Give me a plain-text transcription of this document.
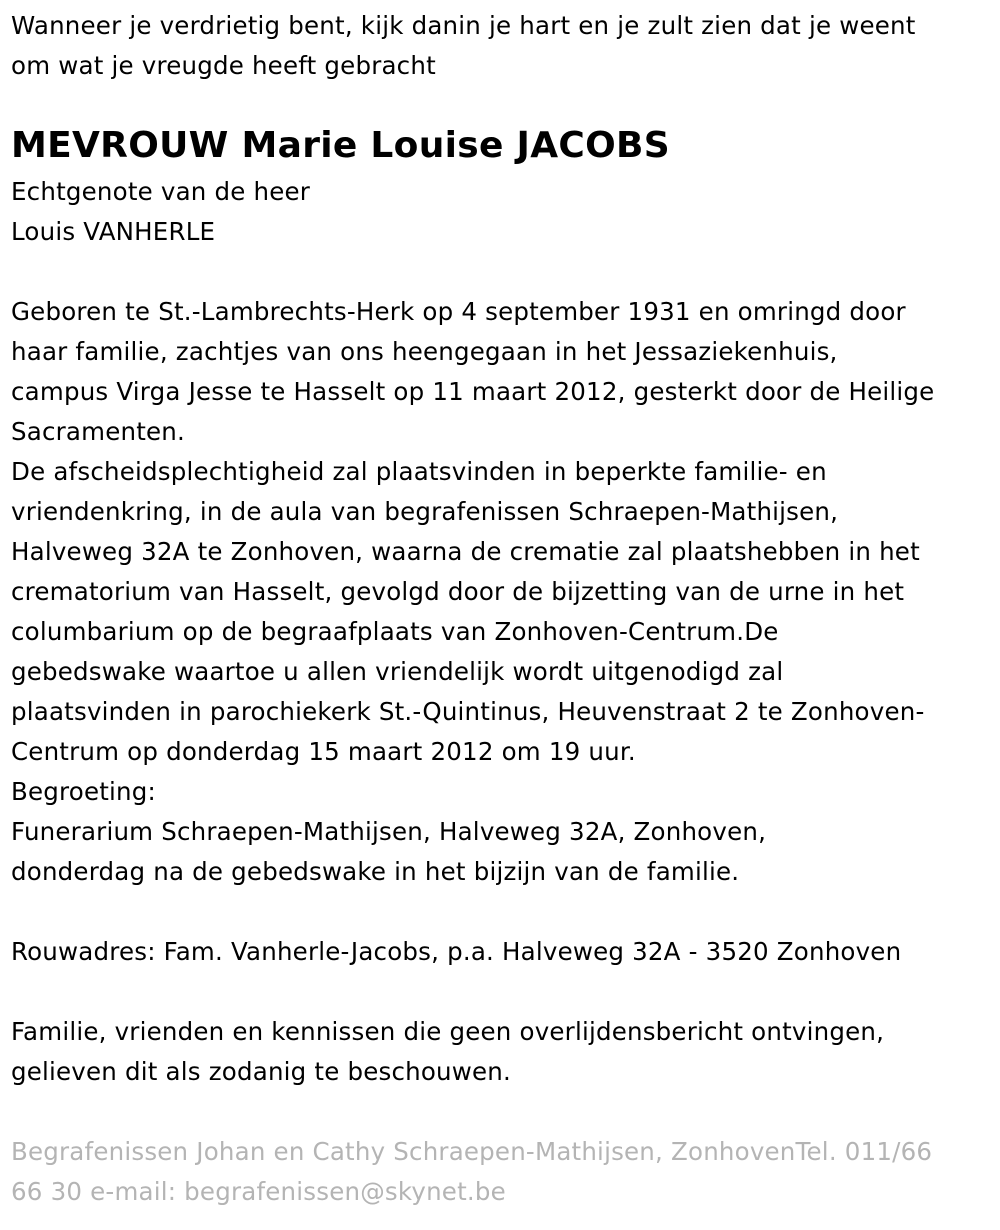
Wanneer je verdrietig bent, kijk danin je hart en je zult zien dat je weent
om wat je vreugde heeft gebracht
MEVROUW Marie Louise JACOBS
Echtgenote van de heer
Louis VANHERLE
Geboren te St.-Lambrechts-Herk op 4 september 1931 en omringd door
haar familie, zachtjes van ons heengegaan in het Jessaziekenhuis,
campus Virga Jesse te Hasselt op 11 maart 2012, gesterkt door de Heilige
Sacramenten.
De afscheidsplechtigheid zal plaatsvinden in beperkte familie- en
vriendenkring, in de aula van begrafenissen Schraepen-Mathijsen,
Halveweg 32A te Zonhoven, waarna de crematie zal plaatshebben in het
crematorium van Hasselt, gevolgd door de bijzetting van de urne in het
columbarium op de begraafplaats van Zonhoven-Centrum.De
gebedswake waartoe u allen vriendelijk wordt uitgenodigd zal
plaatsvinden in parochiekerk St.-Quintinus, Heuvenstraat 2 te Zonhoven-
Centrum op donderdag 15 maart 2012 om 19 uur.
Begroeting:
Funerarium Schraepen-Mathijsen, Halveweg 32A, Zonhoven,
donderdag na de gebedswake in het bijzijn van de familie.
Rouwadres: Fam. Vanherle-Jacobs, p.a. Halveweg 32A - 3520 Zonhoven
Familie, vrienden en kennissen die geen overlijdensbericht ontvingen,
gelieven dit als zodanig te beschouwen.
Begrafenissen Johan en Cathy Schraepen-Mathijsen, ZonhovenTel. 011/66
66 30 e-mail: begrafenissen@skynet.be
